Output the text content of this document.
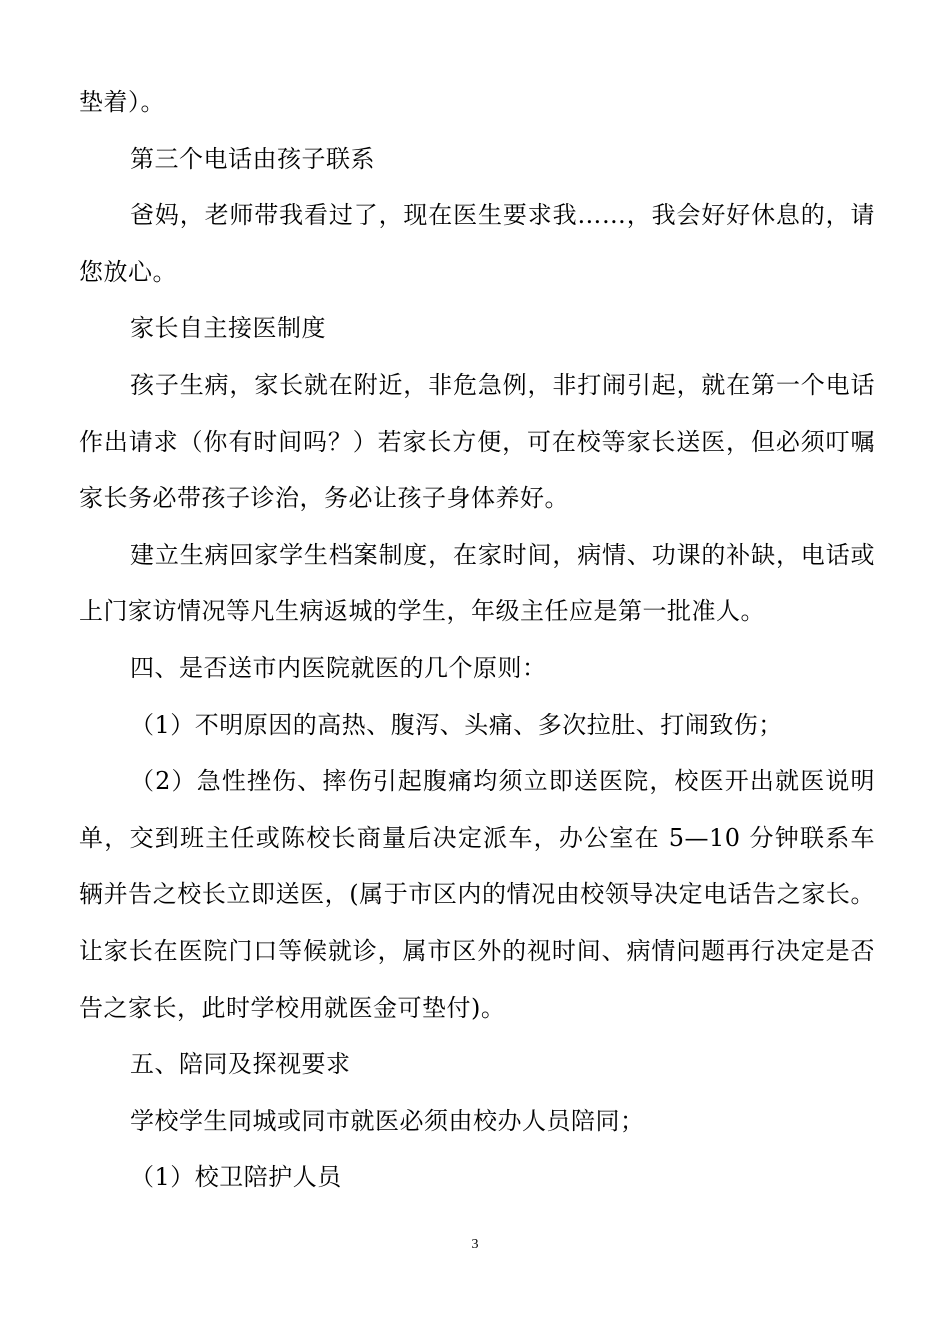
垫着）。

第三个电话由孩子联系

爸妈，老师带我看过了，现在医生要求我……，我会好好休息的，请您放心。

家长自主接医制度

孩子生病，家长就在附近，非危急例，非打闹引起，就在第一个电话作出请求（你有时间吗？）若家长方便，可在校等家长送医，但必须叮嘱家长务必带孩子诊治，务必让孩子身体养好。

建立生病回家学生档案制度，在家时间，病情、功课的补缺，电话或上门家访情况等凡生病返城的学生，年级主任应是第一批准人。

四、是否送市内医院就医的几个原则：

（1）不明原因的高热、腹泻、头痛、多次拉肚、打闹致伤；

（2）急性挫伤、摔伤引起腹痛均须立即送医院，校医开出就医说明单，交到班主任或陈校长商量后决定派车，办公室在 5—10 分钟联系车辆并告之校长立即送医，(属于市区内的情况由校领导决定电话告之家长。让家长在医院门口等候就诊，属市区外的视时间、病情问题再行决定是否告之家长，此时学校用就医金可垫付)。

五、陪同及探视要求

学校学生同城或同市就医必须由校办人员陪同；

（1）校卫陪护人员

3
